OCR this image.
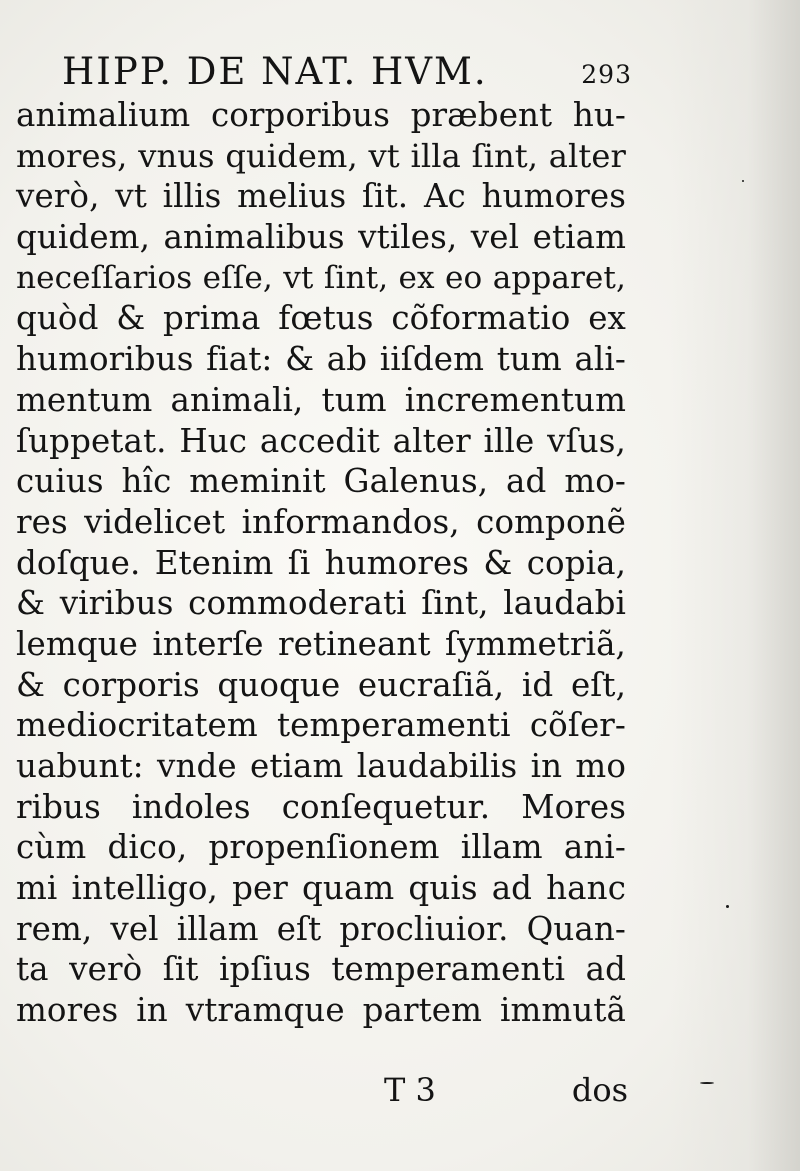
HIPP. DE NAT. HVM.	293
animalium corporibus præbent hu-
mores, vnus quidem, vt illa ſint, alter
verò, vt illis melius ſit. Ac humores
quidem, animalibus vtiles, vel etiam
neceſſarios eſſe, vt ſint, ex eo apparet,
quòd & prima fœtus cõformatio ex
humoribus fiat: & ab iiſdem tum ali-
mentum animali, tum incrementum
ſuppetat. Huc accedit alter ille vſus,
cuius hîc meminit Galenus, ad mo-
res videlicet informandos, componẽ
doſque. Etenim ſi humores & copia,
& viribus commoderati ſint, laudabi
lemque interſe retineant ſymmetriã,
& corporis quoque eucraſiã, id eſt,
mediocritatem temperamenti cõſer-
uabunt: vnde etiam laudabilis in mo
ribus indoles conſequetur. Mores
cùm dico, propenſionem illam ani-
mi intelligo, per quam quis ad hanc
rem, vel illam eſt procliuior. Quan-
ta verò ſit ipſius temperamenti ad
mores in vtramque partem immutã
T 3	dos
